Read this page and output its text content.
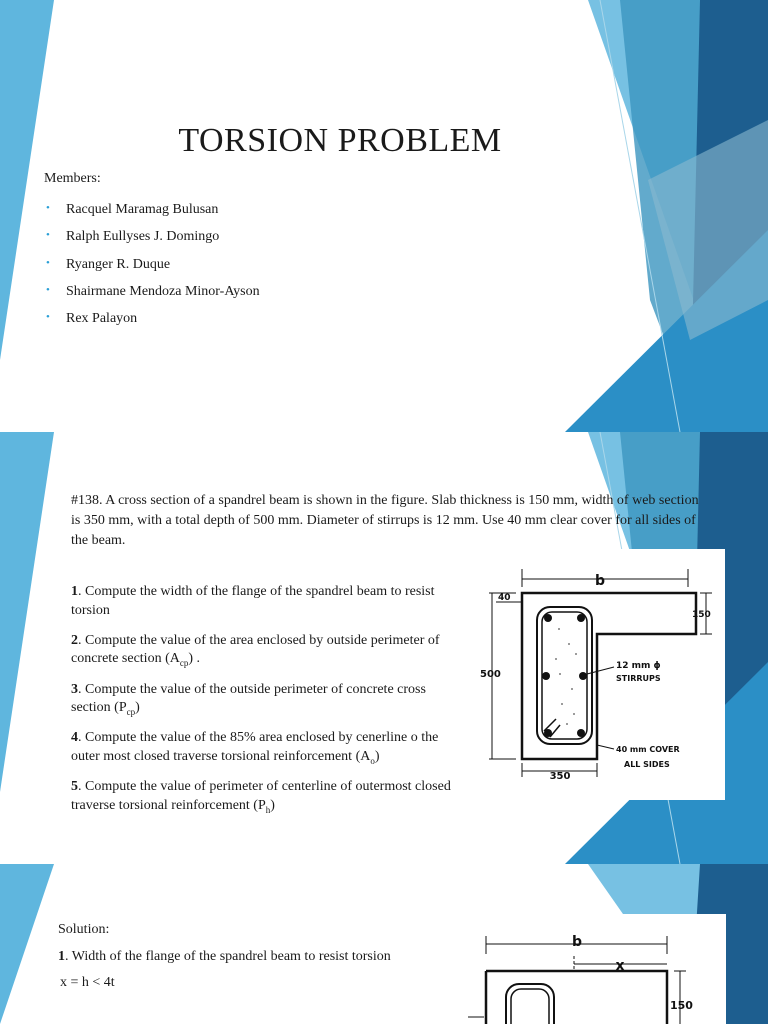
TORSION PROBLEM
Members:
• Racquel Maramag Bulusan
• Ralph Eullyses J. Domingo
• Ryanger R. Duque
• Shairmane Mendoza Minor-Ayson
• Rex Palayon
#138. A cross section of a spandrel beam is shown in the figure. Slab thickness is 150 mm, width of web section is 350 mm, with a total depth of 500 mm. Diameter of stirrups is 12 mm. Use 40 mm clear cover for all sides of the beam.
1. Compute the width of the flange of the spandrel beam to resist torsion
2. Compute the value of the area enclosed by outside perimeter of concrete section $(A_{cp})$ .
3. Compute the value of the outside perimeter of concrete cross section $(P_{cp})$
4. Compute the value of the 85% area enclosed by cenerline o the outer most closed traverse torsional reinforcement $(A_o)$
5. Compute the value of perimeter of centerline of outermost closed traverse torsional reinforcement $(P_h)$
b
40
150
500
350
12 mm ϕ
STIRRUPS
40 mm COVER
ALL SIDES

Solution:

1. Width of the flange of the spandrel beam to resist torsion

x = h < 4t

b
x
150
